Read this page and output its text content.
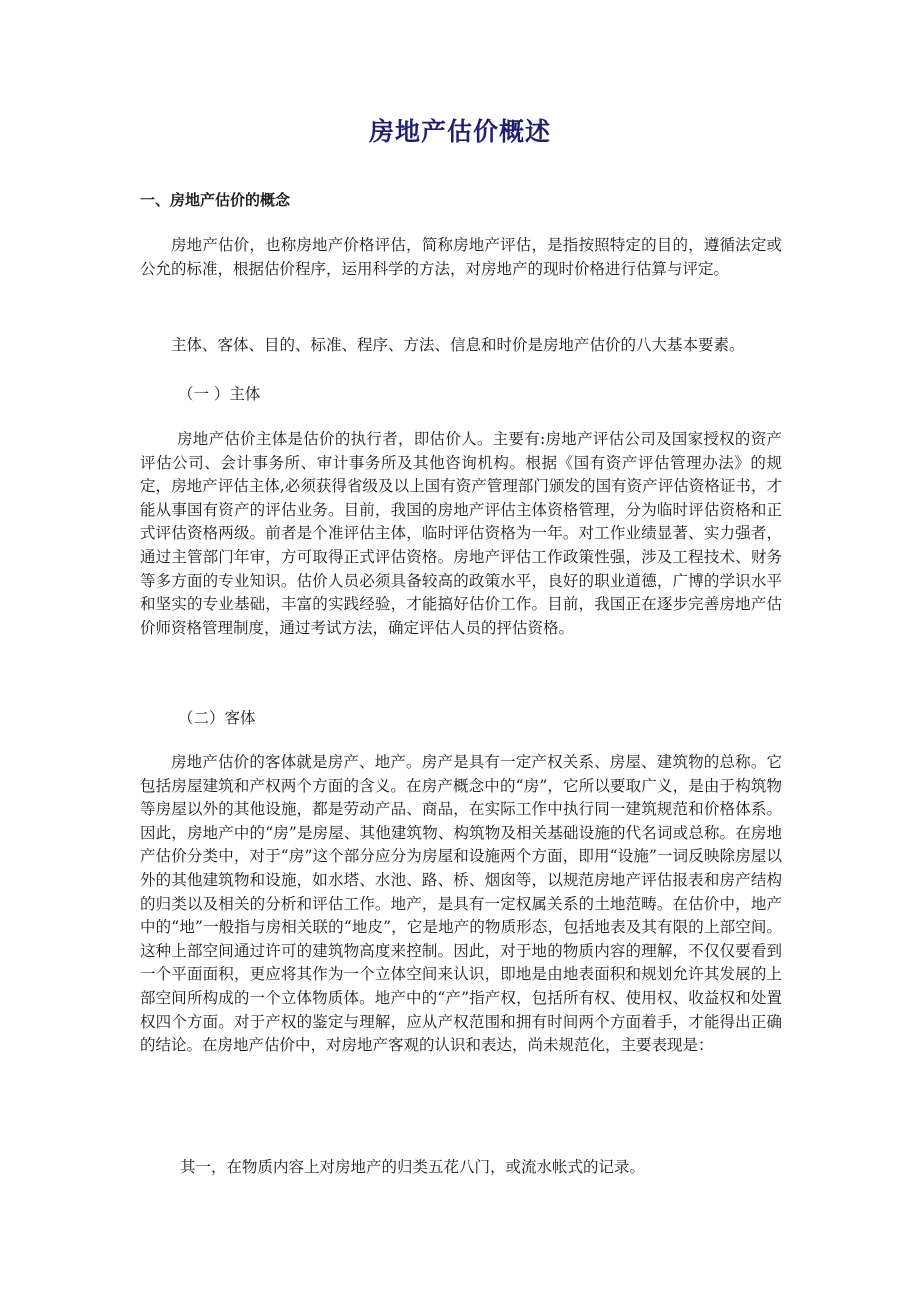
房地产估价概述
一、房地产估价的概念

房地产估价，也称房地产价格评估，简称房地产评估，是指按照特定的目的，遵循法定或公允的标准，根据估价程序，运用科学的方法，对房地产的现时价格进行估算与评定。

主体、客体、目的、标准、程序、方法、信息和时价是房地产估价的八大基本要素。

（一 ）主体

房地产估价主体是估价的执行者，即估价人。主要有:房地产评估公司及国家授权的资产评估公司、会计事务所、审计事务所及其他咨询机构。根据《国有资产评估管理办法》的规定，房地产评估主体,必须获得省级及以上国有资产管理部门颁发的国有资产评估资格证书，才能从事国有资产的评估业务。目前，我国的房地产评估主体资格管理，分为临时评估资格和正式评估资格两级。前者是个准评估主体，临时评估资格为一年。对工作业绩显著、实力强者，通过主管部门年审，方可取得正式评估资格。房地产评估工作政策性强，涉及工程技术、财务等多方面的专业知识。估价人员必须具备较高的政策水平，良好的职业道德，广博的学识水平和坚实的专业基础，丰富的实践经验，才能搞好估价工作。目前，我国正在逐步完善房地产估价师资格管理制度，通过考试方法，确定评估人员的抨估资格。

（二）客体

房地产估价的客体就是房产、地产。房产是具有一定产权关系、房屋、建筑物的总称。它包括房屋建筑和产权两个方面的含义。在房产概念中的“房”，它所以要取广义，是由于构筑物等房屋以外的其他设施，都是劳动产品、商品，在实际工作中执行同一建筑规范和价格体系。因此，房地产中的“房”是房屋、其他建筑物、构筑物及相关基础设施的代名词或总称。在房地产估价分类中，对于“房”这个部分应分为房屋和设施两个方面，即用“设施”一词反映除房屋以外的其他建筑物和设施，如水塔、水池、路、桥、烟囱等，以规范房地产评估报表和房产结构的归类以及相关的分析和评估工作。地产，是具有一定权属关系的土地范畴。在估价中，地产中的“地”一般指与房相关联的“地皮”，它是地产的物质形态，包括地表及其有限的上部空间。这种上部空间通过许可的建筑物高度来控制。因此，对于地的物质内容的理解，不仅仅要看到一个平面面积，更应将其作为一个立体空间来认识，即地是由地表面积和规划允许其发展的上部空间所构成的一个立体物质体。地产中的“产”指产权，包括所有权、使用权、收益权和处置权四个方面。对于产权的鉴定与理解，应从产权范围和拥有时间两个方面着手，才能得出正确的结论。在房地产估价中，对房地产客观的认识和表达，尚未规范化，主要表现是：

其一，在物质内容上对房地产的归类五花八门，或流水帐式的记录。
